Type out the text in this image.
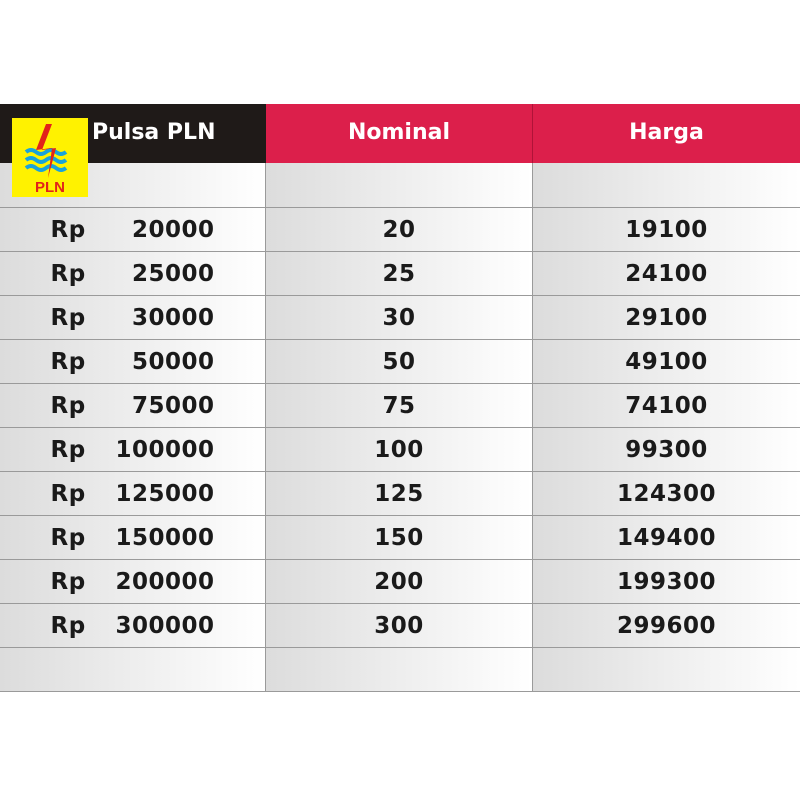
PLN
Pulsa PLN	Nominal	Harga
Rp	20000	20	19100
Rp	25000	25	24100
Rp	30000	30	29100
Rp	50000	50	49100
Rp	75000	75	74100
Rp	100000	100	99300
Rp	125000	125	124300
Rp	150000	150	149400
Rp	200000	200	199300
Rp	300000	300	299600
